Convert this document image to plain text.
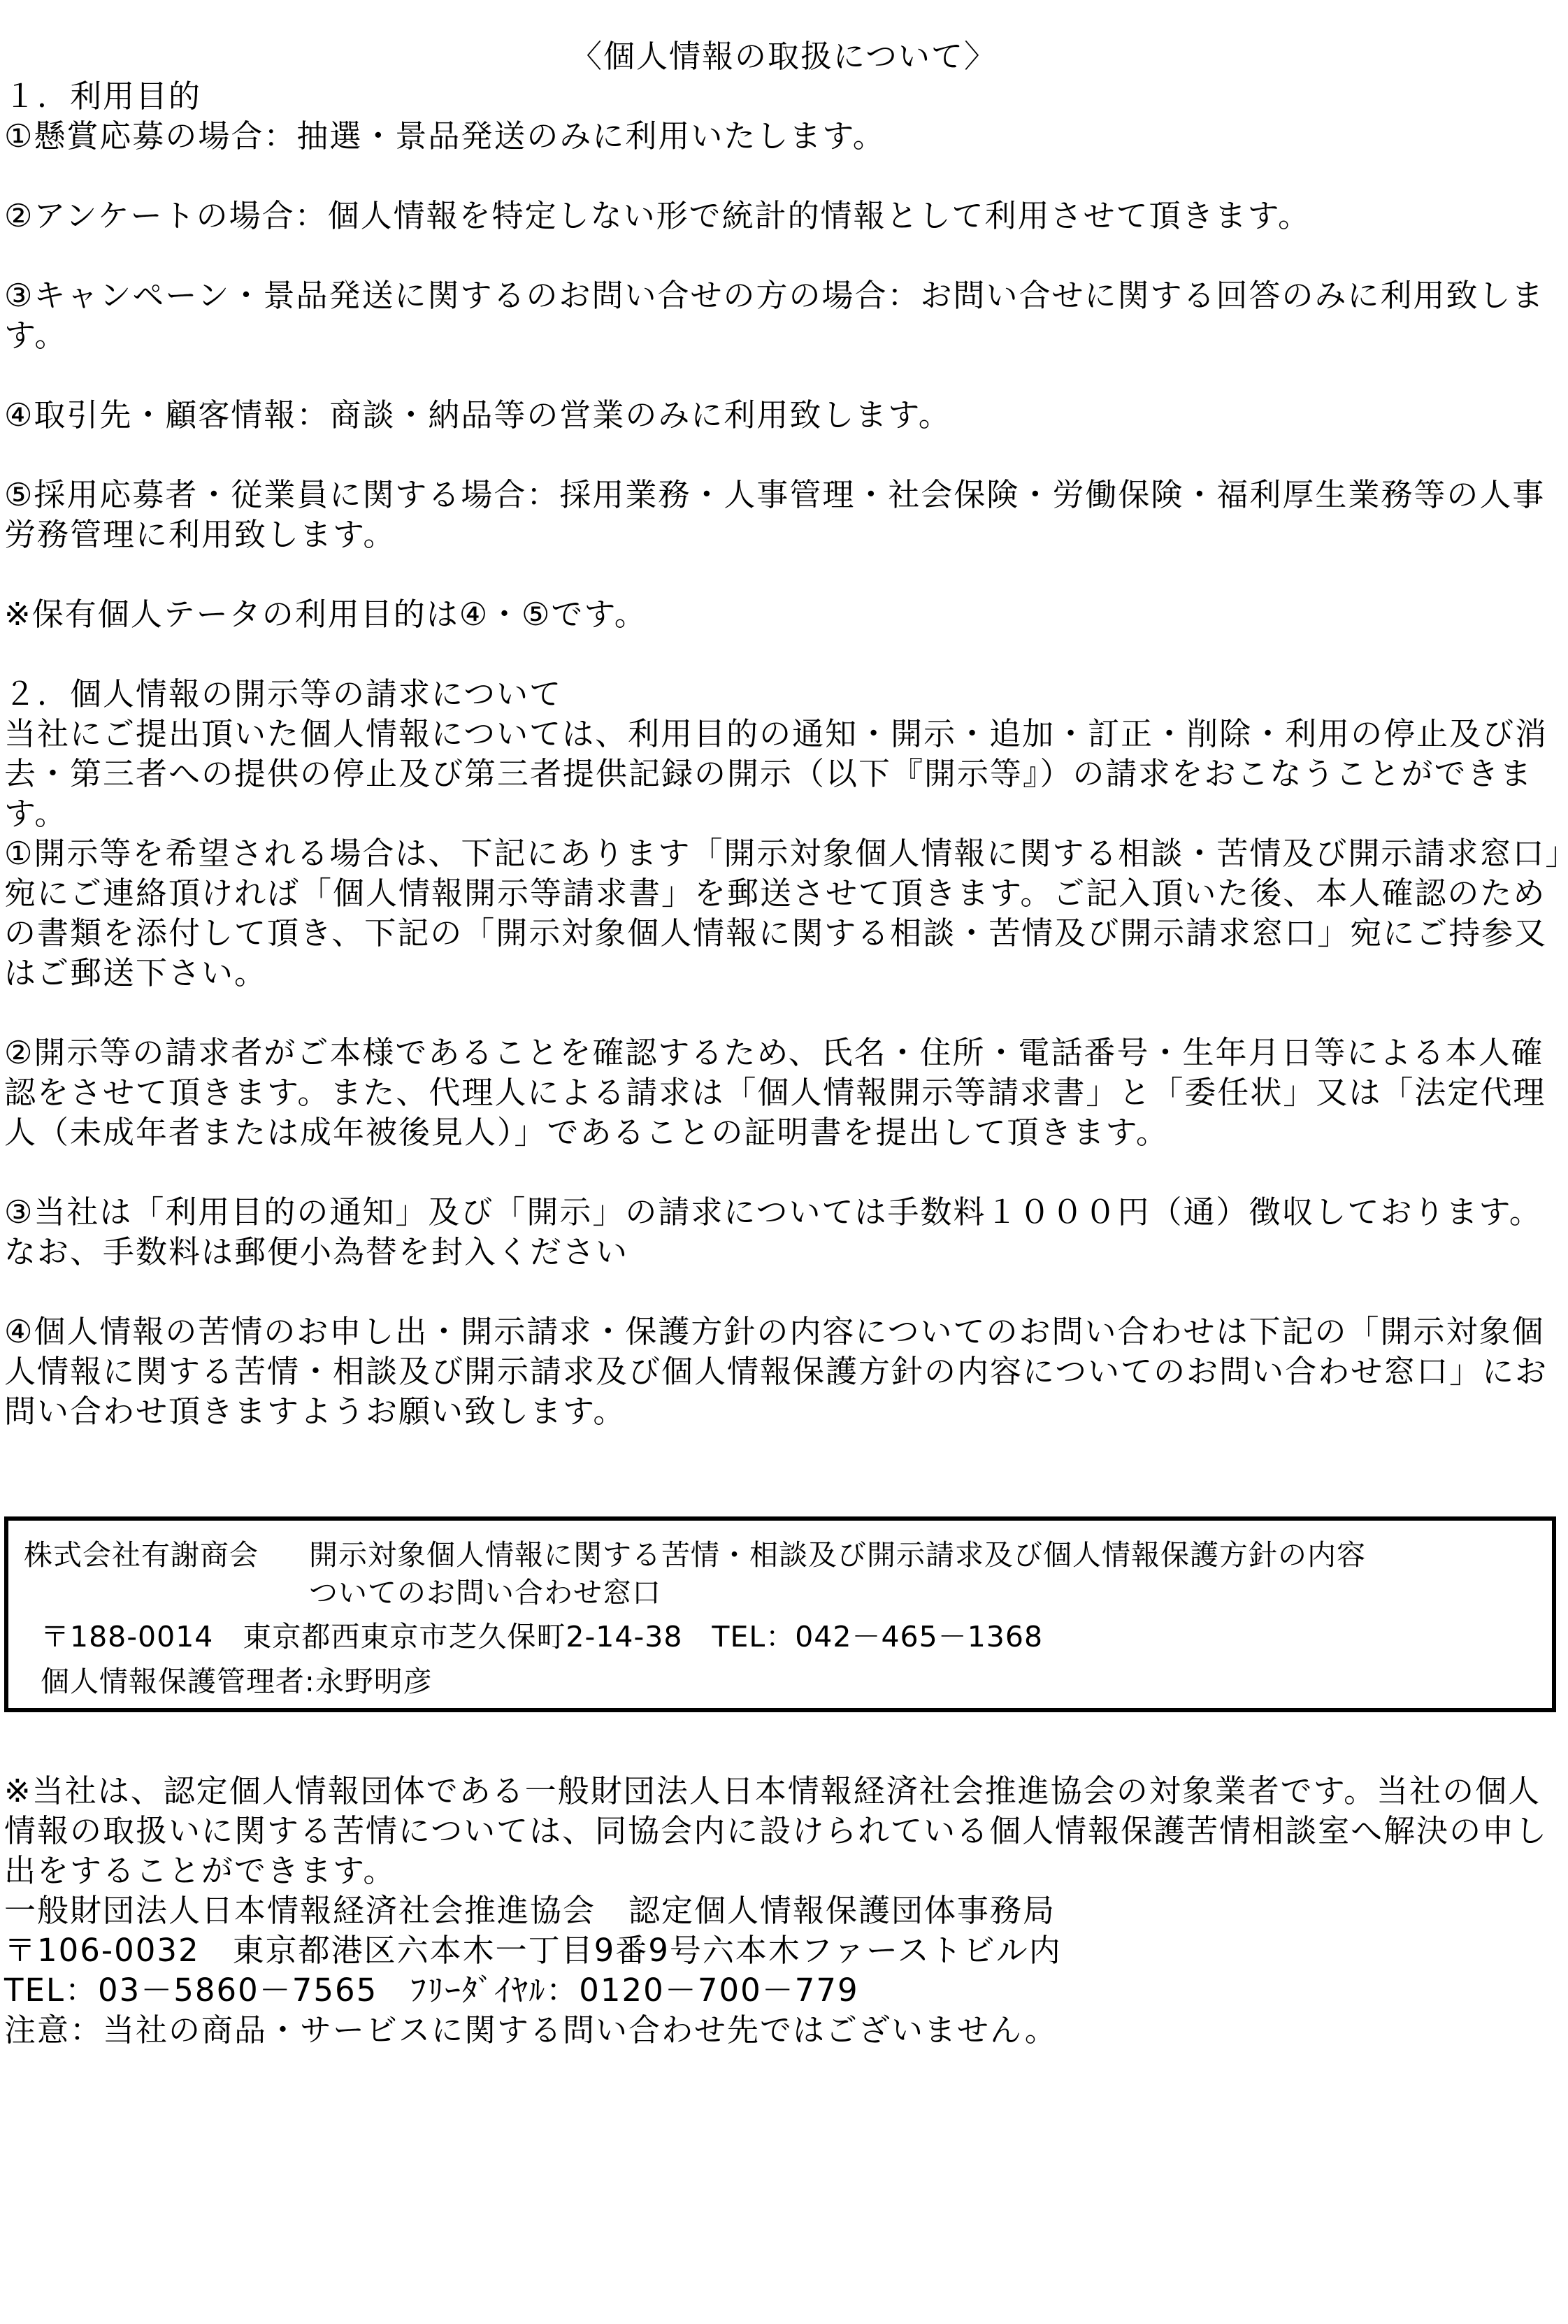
〈個人情報の取扱について〉

１．利用目的

①懸賞応募の場合：抽選・景品発送のみに利用いたします。

②アンケートの場合：個人情報を特定しない形で統計的情報として利用させて頂きます。

③キャンペーン・景品発送に関するのお問い合せの方の場合：お問い合せに関する回答のみに利用致します。

④取引先・顧客情報：商談・納品等の営業のみに利用致します。

⑤採用応募者・従業員に関する場合：採用業務・人事管理・社会保険・労働保険・福利厚生業務等の人事労務管理に利用致します。

※保有個人テータの利用目的は④・⑤です。

２．個人情報の開示等の請求について

当社にご提出頂いた個人情報については、利用目的の通知・開示・追加・訂正・削除・利用の停止及び消去・第三者への提供の停止及び第三者提供記録の開示（以下『開示等』）の請求をおこなうことができます。

①開示等を希望される場合は、下記にあります「開示対象個人情報に関する相談・苦情及び開示請求窓口」宛にご連絡頂ければ「個人情報開示等請求書」を郵送させて頂きます。ご記入頂いた後、本人確認のための書類を添付して頂き、下記の「開示対象個人情報に関する相談・苦情及び開示請求窓口」宛にご持参又はご郵送下さい。

②開示等の請求者がご本様であることを確認するため、氏名・住所・電話番号・生年月日等による本人確認をさせて頂きます。また、代理人による請求は「個人情報開示等請求書」と「委任状」又は「法定代理人（未成年者または成年被後見人）」であることの証明書を提出して頂きます。

③当社は「利用目的の通知」及び「開示」の請求については手数料１０００円（通）徴収しております。なお、手数料は郵便小為替を封入ください

④個人情報の苦情のお申し出・開示請求・保護方針の内容についてのお問い合わせは下記の「開示対象個人情報に関する苦情・相談及び開示請求及び個人情報保護方針の内容についてのお問い合わせ窓口」にお問い合わせ頂きますようお願い致します。

株式会社有謝商会 開示対象個人情報に関する苦情・相談及び開示請求及び個人情報保護方針の内容
ついてのお問い合わせ窓口
〒188-0014　東京都西東京市芝久保町2-14-38　TEL：042－465－1368
個人情報保護管理者:永野明彦

※当社は、認定個人情報団体である一般財団法人日本情報経済社会推進協会の対象業者です。当社の個人情報の取扱いに関する苦情については、同協会内に設けられている個人情報保護苦情相談室へ解決の申し出をすることができます。

一般財団法人日本情報経済社会推進協会　認定個人情報保護団体事務局

〒106-0032　東京都港区六本木一丁目9番9号六本木ファーストビル内

TEL：03－5860－7565　ﾌﾘｰﾀﾞｲﾔﾙ：0120－700－779

注意：当社の商品・サービスに関する問い合わせ先ではございません。
